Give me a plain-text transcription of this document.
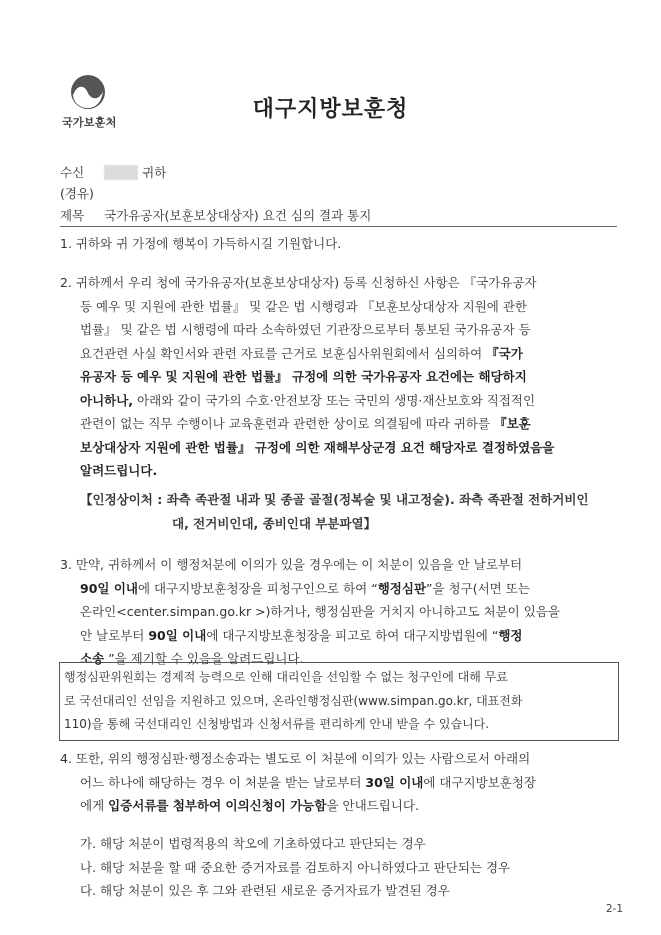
국가보훈처
대구지방보훈청
수신	귀하
(경유)
제목 국가유공자(보훈보상대상자) 요건 심의 결과 통지

1. 귀하와 귀 가정에 행복이 가득하시길 기원합니다.

2. 귀하께서 우리 청에 국가유공자(보훈보상대상자) 등록 신청하신 사항은 『국가유공자

등 예우 및 지원에 관한 법률』 및 같은 법 시행령과 『보훈보상대상자 지원에 관한

법률』 및 같은 법 시행령에 따라 소속하였던 기관장으로부터 통보된 국가유공자 등

요건관련 사실 확인서와 관련 자료를 근거로 보훈심사위원회에서 심의하여 『국가

유공자 등 예우 및 지원에 관한 법률』 규정에 의한 국가유공자 요건에는 해당하지

아니하나, 아래와 같이 국가의 수호·안전보장 또는 국민의 생명·재산보호와 직접적인

관련이 없는 직무 수행이나 교육훈련과 관련한 상이로 의결됨에 따라 귀하를 『보훈

보상대상자 지원에 관한 법률』 규정에 의한 재해부상군경 요건 해당자로 결정하였음을

알려드립니다.

【인정상이처 : 좌측 족관절 내과 및 종골 골절(정복술 및 내고정술). 좌측 족관절 전하거비인

대, 전거비인대, 종비인대 부분파열】

3. 만약, 귀하께서 이 행정처분에 이의가 있을 경우에는 이 처분이 있음을 안 날로부터

90일 이내에 대구지방보훈청장을 피청구인으로 하여 “행정심판”을 청구(서면 또는

온라인<center.simpan.go.kr >)하거나, 행정심판을 거치지 아니하고도 처분이 있음을

안 날로부터 90일 이내에 대구지방보훈청장을 피고로 하여 대구지방법원에 “행정

소송 ”을 제기할 수 있음을 알려드립니다.

행정심판위원회는 경제적 능력으로 인해 대리인을 선임할 수 없는 청구인에 대해 무료

로 국선대리인 선임을 지원하고 있으며, 온라인행정심판(www.simpan.go.kr, 대표전화

110)을 통해 국선대리인 신청방법과 신청서류를 편리하게 안내 받을 수 있습니다.

4. 또한, 위의 행정심판·행정소송과는 별도로 이 처분에 이의가 있는 사람으로서 아래의

어느 하나에 해당하는 경우 이 처분을 받는 날로부터 30일 이내에 대구지방보훈청장

에게 입증서류를 첨부하여 이의신청이 가능함을 안내드립니다.

가. 해당 처분이 법령적용의 착오에 기초하였다고 판단되는 경우

나. 해당 처분을 할 때 중요한 증거자료를 검토하지 아니하였다고 판단되는 경우

다. 해당 처분이 있은 후 그와 관련된 새로운 증거자료가 발견된 경우

2-1
